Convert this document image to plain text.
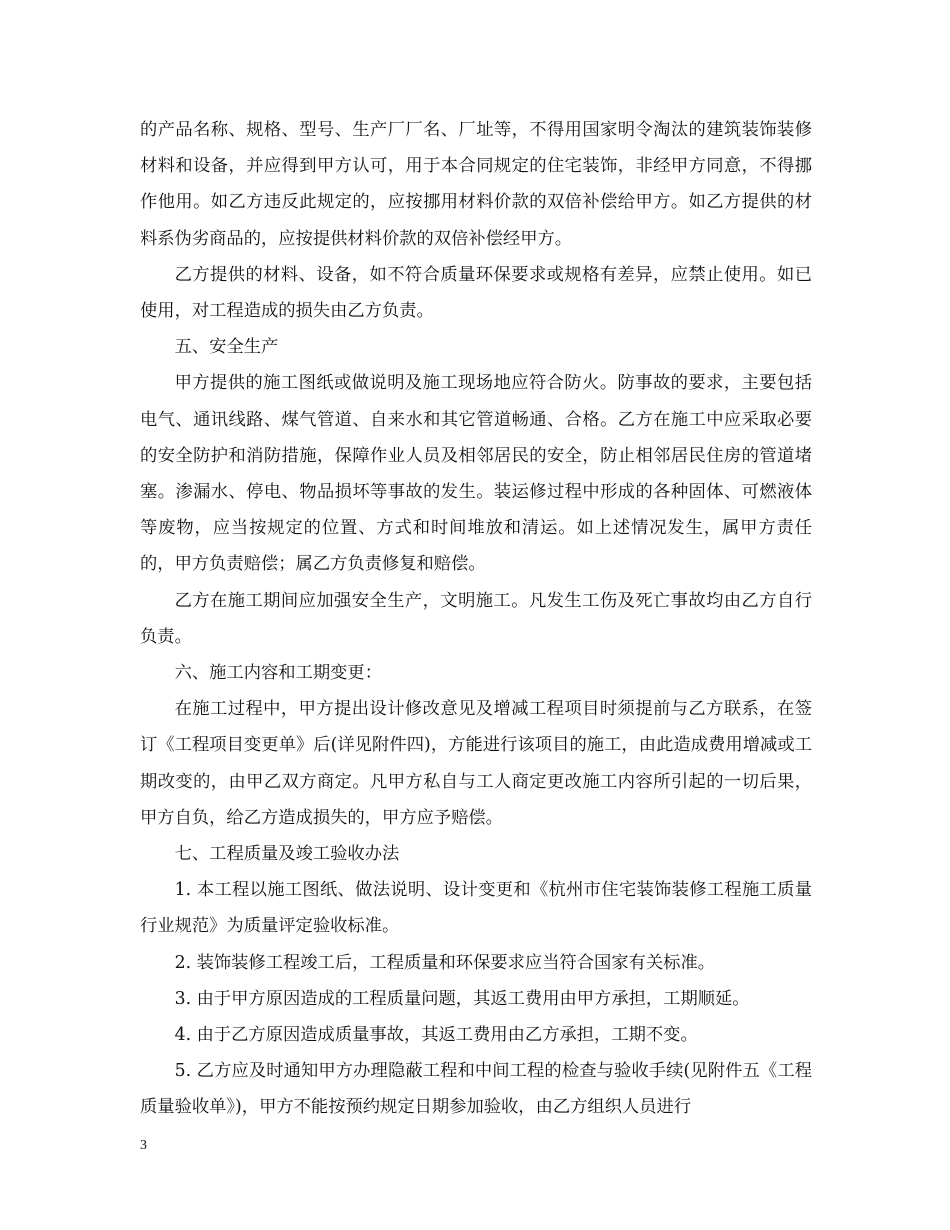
的产品名称、规格、型号、生产厂厂名、厂址等，不得用国家明令淘汰的建筑装饰装修材料和设备，并应得到甲方认可，用于本合同规定的住宅装饰，非经甲方同意，不得挪作他用。如乙方违反此规定的，应按挪用材料价款的双倍补偿给甲方。如乙方提供的材料系伪劣商品的，应按提供材料价款的双倍补偿经甲方。

乙方提供的材料、设备，如不符合质量环保要求或规格有差异，应禁止使用。如已使用，对工程造成的损失由乙方负责。

五、安全生产

甲方提供的施工图纸或做说明及施工现场地应符合防火。防事故的要求，主要包括电气、通讯线路、煤气管道、自来水和其它管道畅通、合格。乙方在施工中应采取必要的安全防护和消防措施，保障作业人员及相邻居民的安全，防止相邻居民住房的管道堵塞。渗漏水、停电、物品损坏等事故的发生。装运修过程中形成的各种固体、可燃液体等废物，应当按规定的位置、方式和时间堆放和清运。如上述情况发生，属甲方责任的，甲方负责赔偿；属乙方负责修复和赔偿。

乙方在施工期间应加强安全生产，文明施工。凡发生工伤及死亡事故均由乙方自行负责。

六、施工内容和工期变更：

在施工过程中，甲方提出设计修改意见及增减工程项目时须提前与乙方联系，在签订《工程项目变更单》后(详见附件四)，方能进行该项目的施工，由此造成费用增减或工期改变的，由甲乙双方商定。凡甲方私自与工人商定更改施工内容所引起的一切后果，甲方自负，给乙方造成损失的，甲方应予赔偿。

七、工程质量及竣工验收办法

1. 本工程以施工图纸、做法说明、设计变更和《杭州市住宅装饰装修工程施工质量行业规范》为质量评定验收标准。

2. 装饰装修工程竣工后，工程质量和环保要求应当符合国家有关标准。

3. 由于甲方原因造成的工程质量问题，其返工费用由甲方承担，工期顺延。

4. 由于乙方原因造成质量事故，其返工费用由乙方承担，工期不变。

5. 乙方应及时通知甲方办理隐蔽工程和中间工程的检查与验收手续(见附件五《工程质量验收单》)，甲方不能按预约规定日期参加验收，由乙方组织人员进行

3
